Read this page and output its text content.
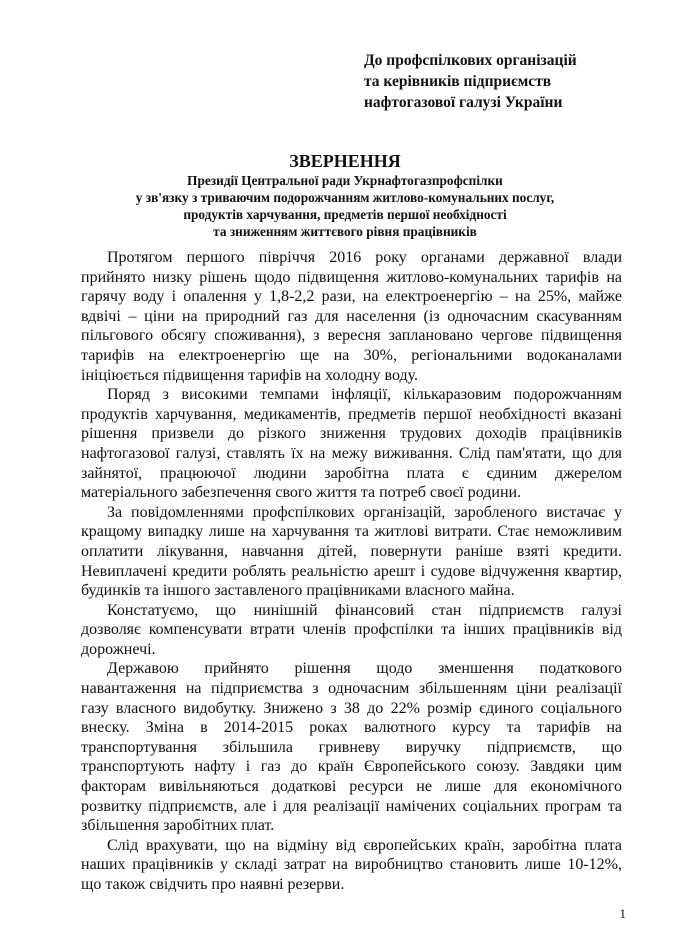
До профспілкових організацій
та керівників підприємств
нафтогазової галузі України
ЗВЕРНЕННЯ
Президії Центральної ради Укрнафтогазпрофспілки
у зв'язку з триваючим подорожчанням житлово-комунальних послуг,
продуктів харчування, предметів першої необхідності
та зниженням життєвого рівня працівників
Протягом першого півріччя 2016 року органами державної влади
прийнято низку рішень щодо підвищення житлово-комунальних тарифів на
гарячу воду і опалення у 1,8-2,2 рази, на електроенергію – на 25%, майже
вдвічі – ціни на природний газ для населення (із одночасним скасуванням
пільгового обсягу споживання), з вересня заплановано чергове підвищення
тарифів на електроенергію ще на 30%, регіональними водоканалами
ініціюється підвищення тарифів на холодну воду.
Поряд з високими темпами інфляції, кількаразовим подорожчанням
продуктів харчування, медикаментів, предметів першої необхідності вказані
рішення призвели до різкого зниження трудових доходів працівників
нафтогазової галузі, ставлять їх на межу виживання. Слід пам'ятати, що для
зайнятої, працюючої людини заробітна плата є єдиним джерелом
матеріального забезпечення свого життя та потреб своєї родини.
За повідомленнями профспілкових організацій, заробленого вистачає у
кращому випадку лише на харчування та житлові витрати. Стає неможливим
оплатити лікування, навчання дітей, повернути раніше взяті кредити.
Невиплачені кредити роблять реальністю арешт і судове відчуження квартир,
будинків та іншого заставленого працівниками власного майна.
Констатуємо, що нинішній фінансовий стан підприємств галузі
дозволяє компенсувати втрати членів профспілки та інших працівників від
дорожнечі.
Державою прийнято рішення щодо зменшення податкового
навантаження на підприємства з одночасним збільшенням ціни реалізації
газу власного видобутку. Знижено з 38 до 22% розмір єдиного соціального
внеску. Зміна в 2014-2015 роках валютного курсу та тарифів на
транспортування збільшила гривневу виручку підприємств, що
транспортують нафту і газ до країн Європейського союзу. Завдяки цим
факторам вивільняються додаткові ресурси не лише для економічного
розвитку підприємств, але і для реалізації намічених соціальних програм та
збільшення заробітних плат.
Слід врахувати, що на відміну від європейських країн, заробітна плата
наших працівників у складі затрат на виробництво становить лише 10-12%,
що також свідчить про наявні резерви.
1
